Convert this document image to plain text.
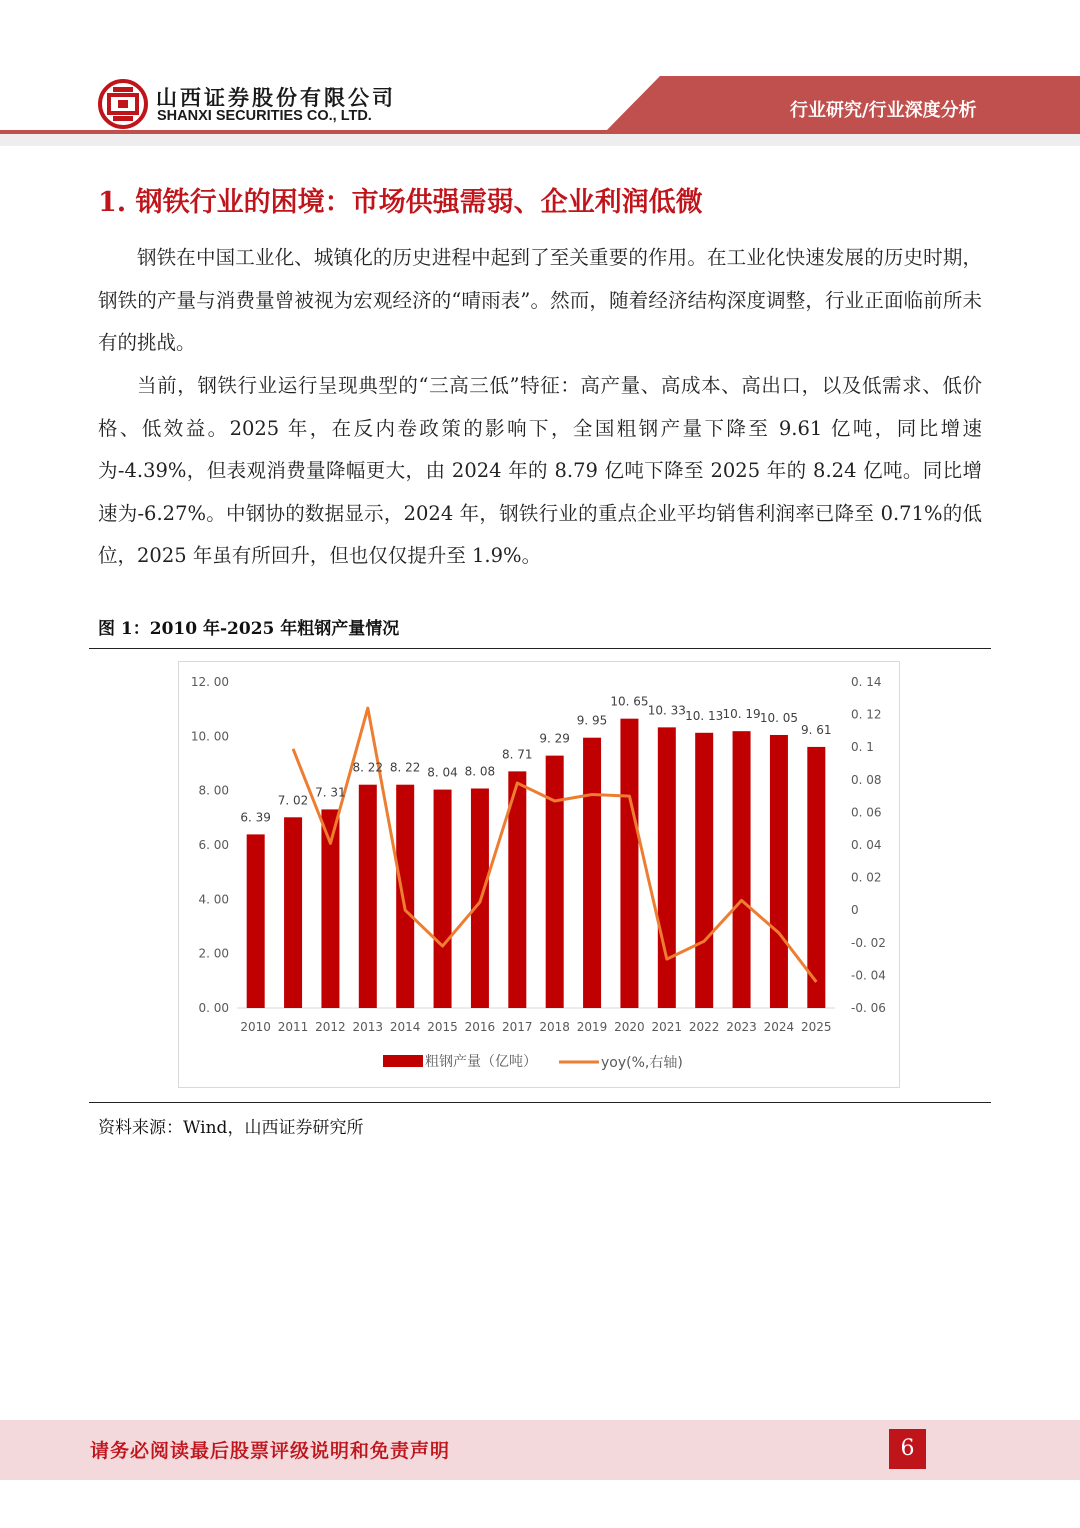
山西证券股份有限公司
SHANXI SECURITIES CO., LTD.	行业研究/行业深度分析
1. 钢铁行业的困境：市场供强需弱、企业利润低微

钢铁在中国工业化、城镇化的历史进程中起到了至关重要的作用。在工业化快速发展的历史时期，钢铁的产量与消费量曾被视为宏观经济的“晴雨表”。然而，随着经济结构深度调整，行业正面临前所未有的挑战。

当前，钢铁行业运行呈现典型的“三高三低”特征：高产量、高成本、高出口，以及低需求、低价格、低效益。2025 年，在反内卷政策的影响下，全国粗钢产量下降至 9.61 亿吨，同比增速为-4.39%，但表观消费量降幅更大，由 2024 年的 8.79 亿吨下降至 2025 年的 8.24 亿吨。同比增速为-6.27%。中钢协的数据显示，2024 年，钢铁行业的重点企业平均销售利润率已降至 0.71%的低位，2025 年虽有所回升，但也仅仅提升至 1.9%。

图 1：2010 年-2025 年粗钢产量情况
0. 00
2. 00
4. 00
6. 00
8. 00
10. 00
12. 00
-0. 06
-0. 04
-0. 02
0
0. 02
0. 04
0. 06
0. 08
0. 1
0. 12
0. 14
6. 39
7. 02
7. 31
8. 22 8. 22 8. 04 8. 08
8. 71
9. 29
9. 95
10. 65
10. 33 10. 13 10. 19 10. 05
9. 61
2010 2011 2012 2013 2014 2015 2016 2017 2018 2019 2020 2021 2022 2023 2024 2025
粗钢产量（亿吨）	yoy(%,右轴)
资料来源：Wind，山西证券研究所
请务必阅读最后股票评级说明和免责声明	6
